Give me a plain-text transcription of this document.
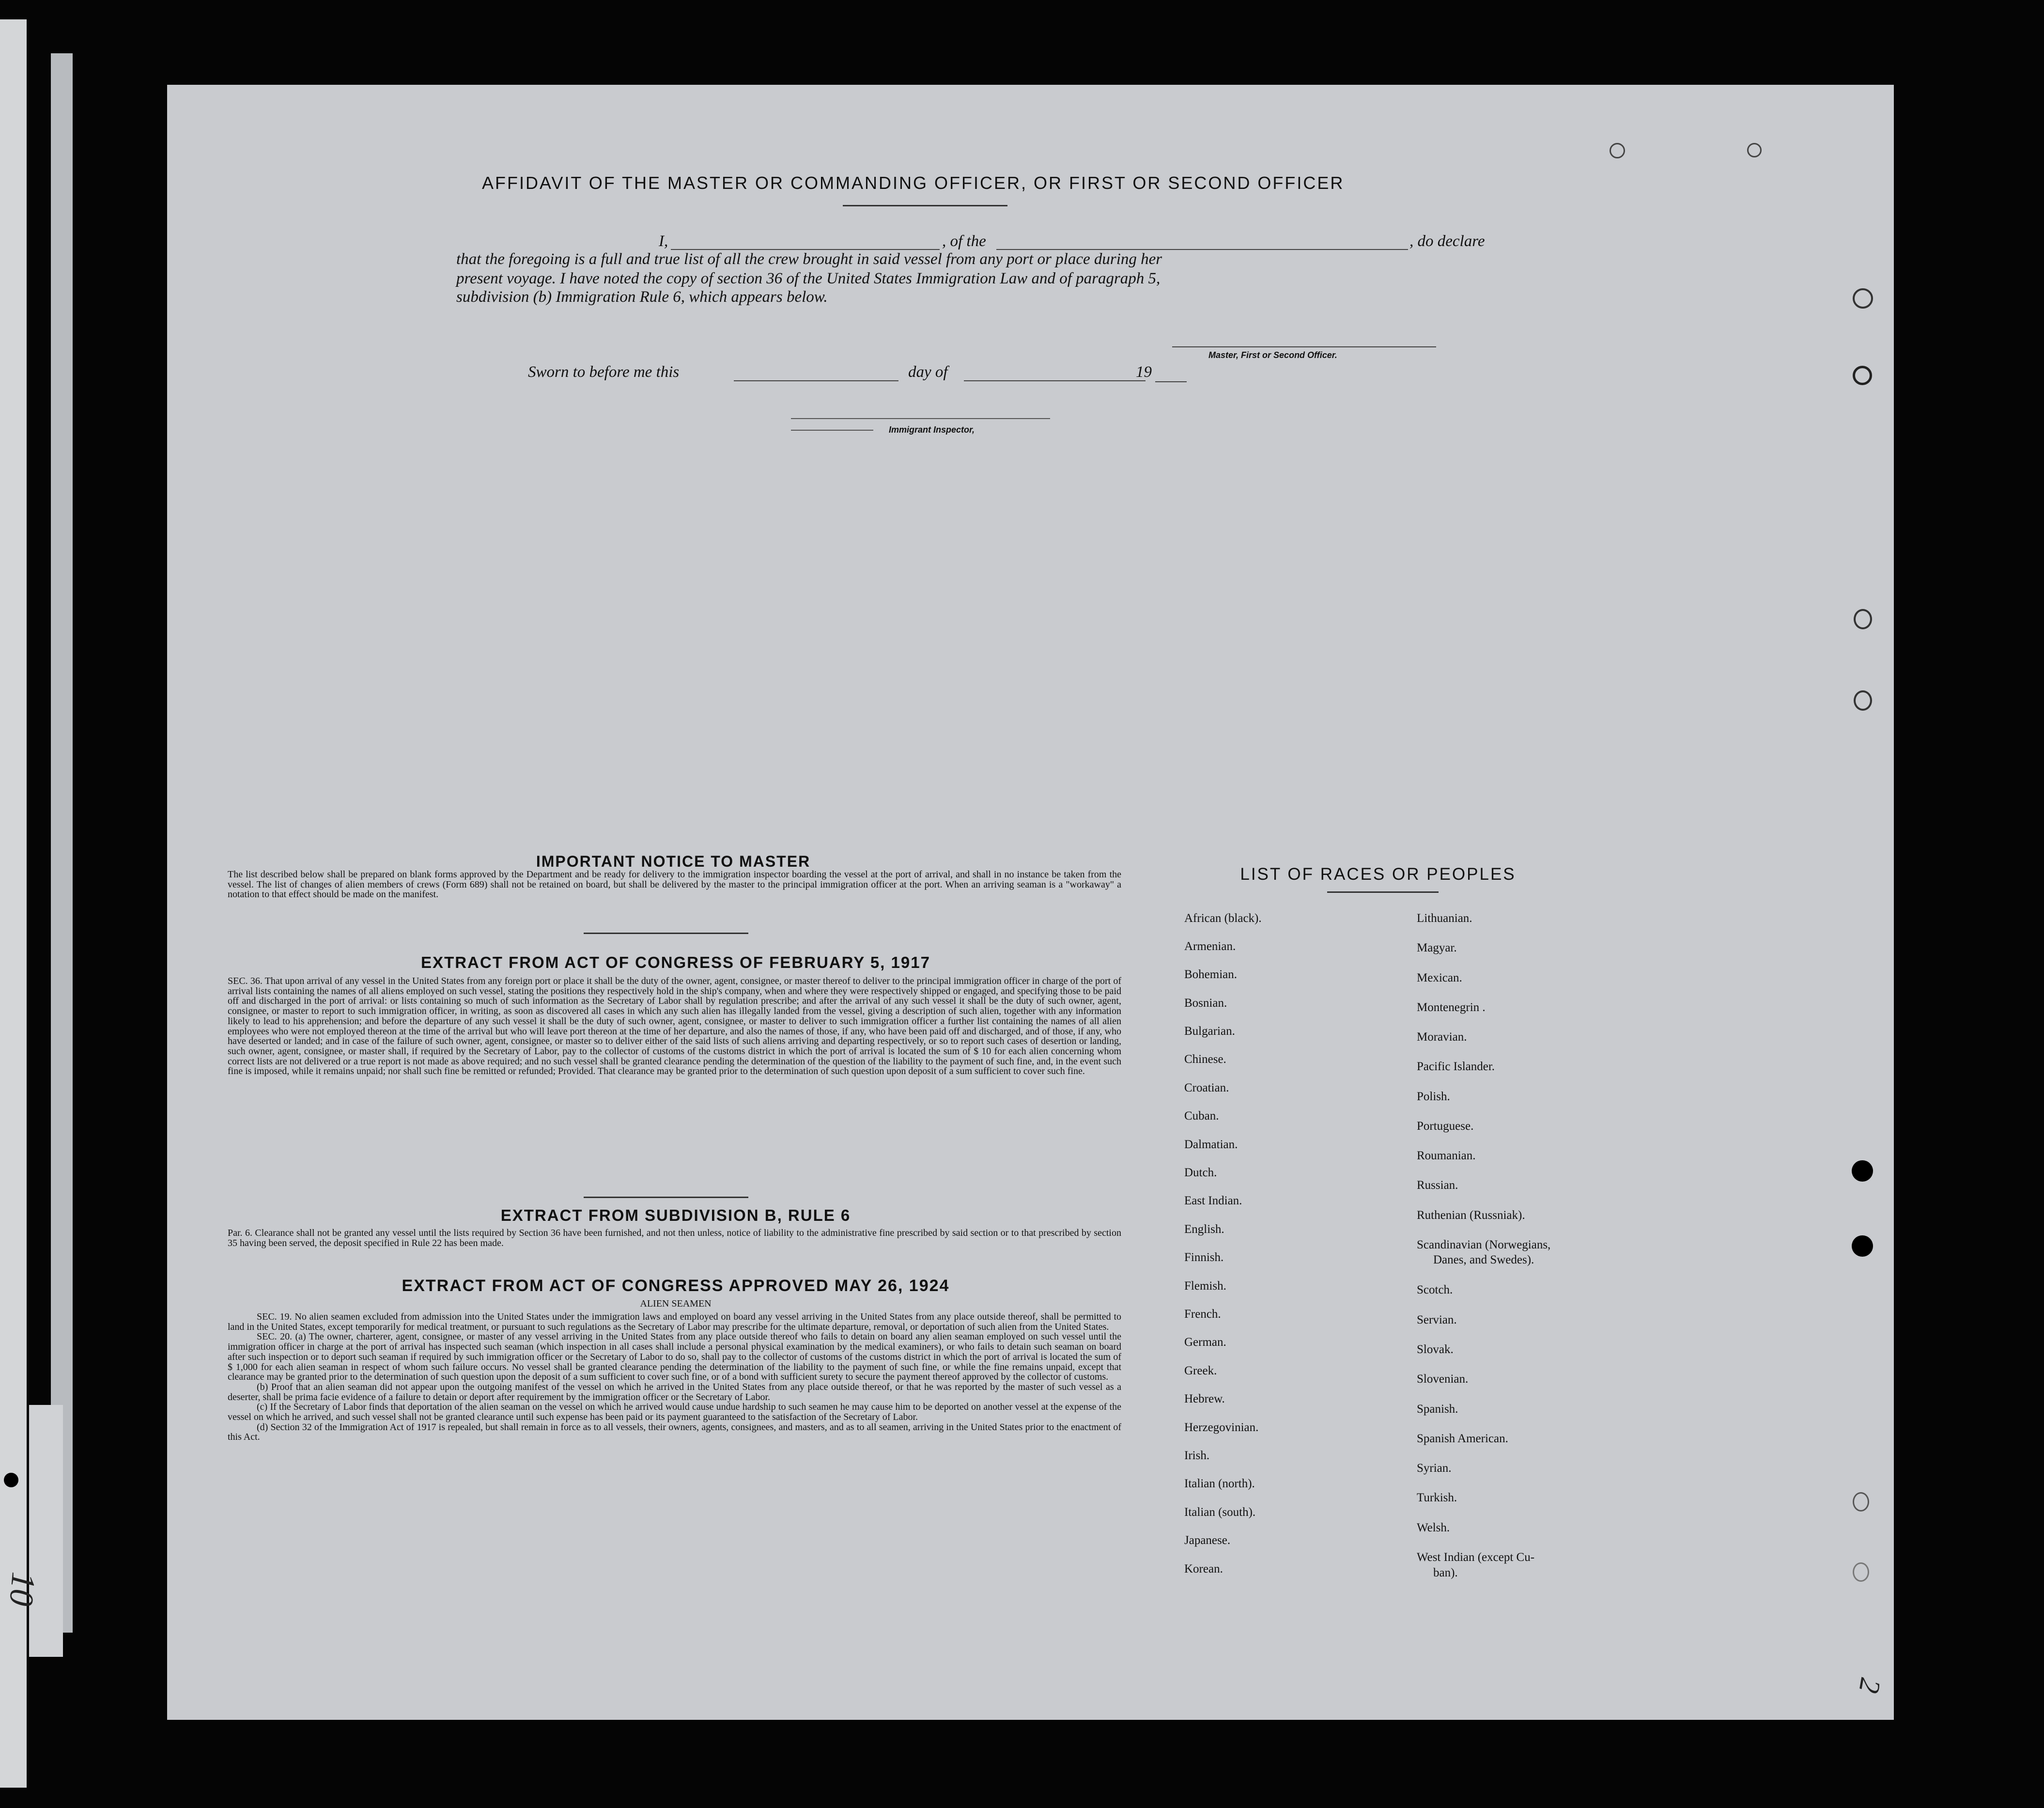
10
AFFIDAVIT OF THE MASTER OR COMMANDING OFFICER, OR FIRST OR SECOND OFFICER
I,	, of the	, do declare
that the foregoing is a full and true list of all the crew brought in said vessel from any port or place during her
present voyage. I have noted the copy of section 36 of the United States Immigration Law and of paragraph 5,
subdivision (b) Immigration Rule 6, which appears below.
Master, First or Second Officer.
Sworn to before me this	day of	19
Immigrant Inspector,
IMPORTANT NOTICE TO MASTER
The list described below shall be prepared on blank forms approved by the Department and be ready for delivery to the immigration inspector boarding the vessel at the port of arrival, and shall in no instance be taken from the vessel. The list of changes of alien members of crews (Form 689) shall not be retained on board, but shall be delivered by the master to the principal immigration officer at the port. When an arriving seaman is a "workaway" a notation to that effect should be made on the manifest.
EXTRACT FROM ACT OF CONGRESS OF FEBRUARY 5, 1917
SEC. 36. That upon arrival of any vessel in the United States from any foreign port or place it shall be the duty of the owner, agent, consignee, or master thereof to deliver to the principal immigration officer in charge of the port of arrival lists containing the names of all aliens employed on such vessel, stating the positions they respectively hold in the ship's company, when and where they were respectively shipped or engaged, and specifying those to be paid off and discharged in the port of arrival: or lists containing so much of such information as the Secretary of Labor shall by regulation prescribe; and after the arrival of any such vessel it shall be the duty of such owner, agent, consignee, or master to report to such immigration officer, in writing, as soon as discovered all cases in which any such alien has illegally landed from the vessel, giving a description of such alien, together with any information likely to lead to his apprehension; and before the departure of any such vessel it shall be the duty of such owner, agent, consignee, or master to deliver to such immigration officer a further list containing the names of all alien employees who were not employed thereon at the time of the arrival but who will leave port thereon at the time of her departure, and also the names of those, if any, who have been paid off and discharged, and of those, if any, who have deserted or landed; and in case of the failure of such owner, agent, consignee, or master so to deliver either of the said lists of such aliens arriving and departing respectively, or so to report such cases of desertion or landing, such owner, agent, consignee, or master shall, if required by the Secretary of Labor, pay to the collector of customs of the customs district in which the port of arrival is located the sum of $ 10 for each alien concerning whom correct lists are not delivered or a true report is not made as above required; and no such vessel shall be granted clearance pending the determination of the question of the liability to the payment of such fine, and, in the event such fine is imposed, while it remains unpaid; nor shall such fine be remitted or refunded; Provided. That clearance may be granted prior to the determination of such question upon deposit of a sum sufficient to cover such fine.
EXTRACT FROM SUBDIVISION B, RULE 6
Par. 6. Clearance shall not be granted any vessel until the lists required by Section 36 have been furnished, and not then unless, notice of liability to the administrative fine prescribed by said section or to that prescribed by section 35 having been served, the deposit specified in Rule 22 has been made.
EXTRACT FROM ACT OF CONGRESS APPROVED MAY 26, 1924
ALIEN SEAMEN
SEC. 19. No alien seamen excluded from admission into the United States under the immigration laws and employed on board any vessel arriving in the United States from any place outside thereof, shall be permitted to land in the United States, except temporarily for medical treatment, or pursuant to such regulations as the Secretary of Labor may prescribe for the ultimate departure, removal, or deportation of such alien from the United States.
SEC. 20. (a) The owner, charterer, agent, consignee, or master of any vessel arriving in the United States from any place outside thereof who fails to detain on board any alien seaman employed on such vessel until the immigration officer in charge at the port of arrival has inspected such seaman (which inspection in all cases shall include a personal physical examination by the medical examiners), or who fails to detain such seaman on board after such inspection or to deport such seaman if required by such immigration officer or the Secretary of Labor to do so, shall pay to the collector of customs of the customs district in which the port of arrival is located the sum of $ 1,000 for each alien seaman in respect of whom such failure occurs. No vessel shall be granted clearance pending the determination of the liability to the payment of such fine, or while the fine remains unpaid, except that clearance may be granted prior to the determination of such question upon the deposit of a sum sufficient to cover such fine, or of a bond with sufficient surety to secure the payment thereof approved by the collector of customs.
(b) Proof that an alien seaman did not appear upon the outgoing manifest of the vessel on which he arrived in the United States from any place outside thereof, or that he was reported by the master of such vessel as a deserter, shall be prima facie evidence of a failure to detain or deport after requirement by the immigration officer or the Secretary of Labor.
(c) If the Secretary of Labor finds that deportation of the alien seaman on the vessel on which he arrived would cause undue hardship to such seamen he may cause him to be deported on another vessel at the expense of the vessel on which he arrived, and such vessel shall not be granted clearance until such expense has been paid or its payment guaranteed to the satisfaction of the Secretary of Labor.
(d) Section 32 of the Immigration Act of 1917 is repealed, but shall remain in force as to all vessels, their owners, agents, consignees, and masters, and as to all seamen, arriving in the United States prior to the enactment of this Act.
LIST OF RACES OR PEOPLES
African (black).
Armenian.
Bohemian.
Bosnian.
Bulgarian.
Chinese.
Croatian.
Cuban.
Dalmatian.
Dutch.
East Indian.
English.
Finnish.
Flemish.
French.
German.
Greek.
Hebrew.
Herzegovinian.
Irish.
Italian (north).
Italian (south).
Japanese.
Korean.
Lithuanian.
Magyar.
Mexican.
Montenegrin .
Moravian.
Pacific Islander.
Polish.
Portuguese.
Roumanian.
Russian.
Ruthenian (Russniak).
Scandinavian (Norwegians,
Danes, and Swedes).
Scotch.
Servian.
Slovak.
Slovenian.
Spanish.
Spanish American.
Syrian.
Turkish.
Welsh.
West Indian (except Cu-
ban).
2
